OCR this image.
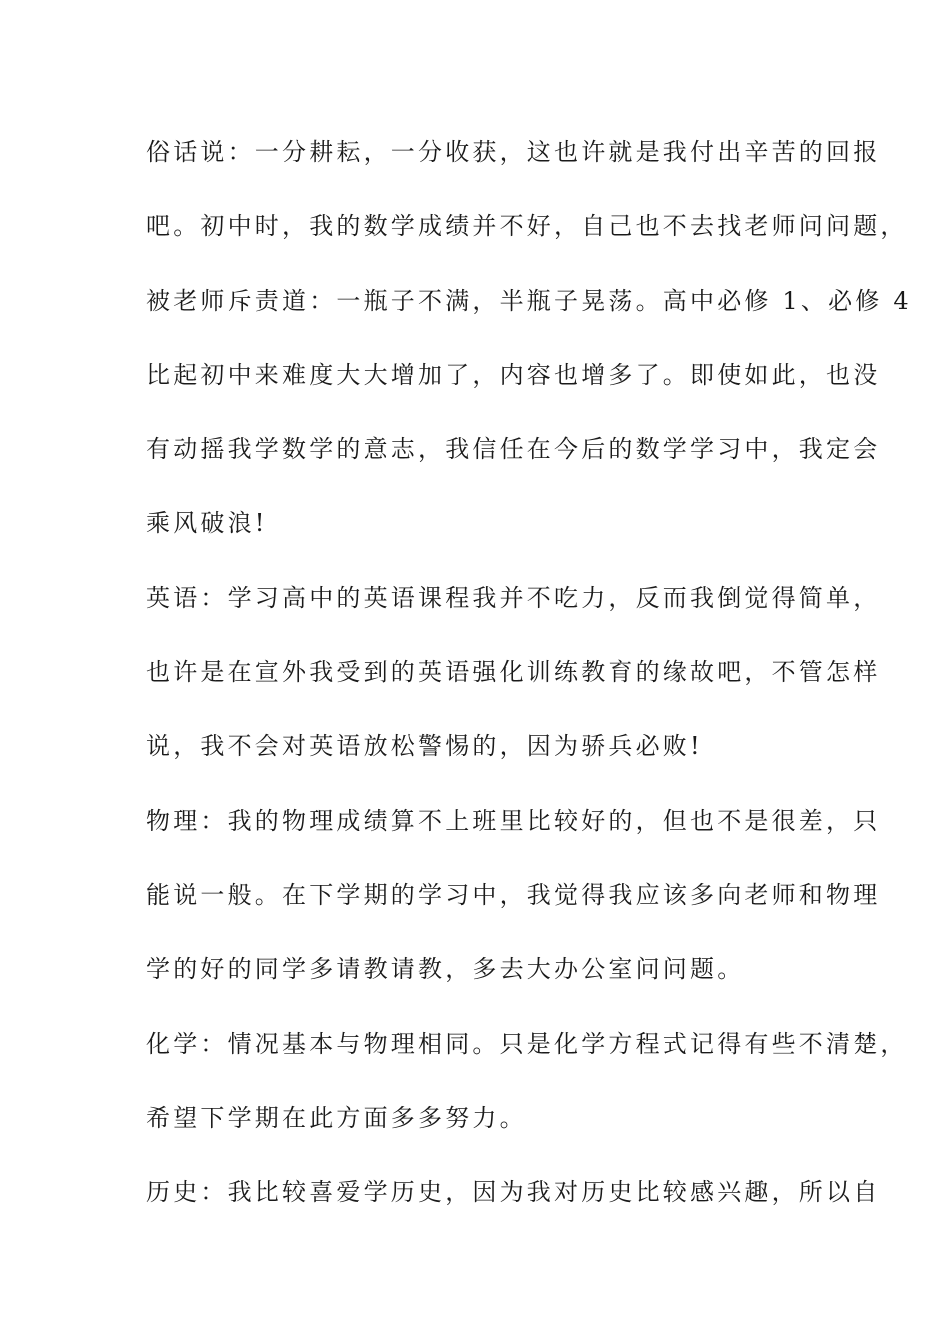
俗话说：一分耕耘，一分收获，这也许就是我付出辛苦的回报
吧。初中时，我的数学成绩并不好，自己也不去找老师问问题，
被老师斥责道：一瓶子不满，半瓶子晃荡。高中必修 1、必修 4
比起初中来难度大大增加了，内容也增多了。即使如此，也没
有动摇我学数学的意志，我信任在今后的数学学习中，我定会
乘风破浪!
英语：学习高中的英语课程我并不吃力，反而我倒觉得简单，
也许是在宣外我受到的英语强化训练教育的缘故吧，不管怎样
说，我不会对英语放松警惕的，因为骄兵必败!
物理：我的物理成绩算不上班里比较好的，但也不是很差，只
能说一般。在下学期的学习中，我觉得我应该多向老师和物理
学的好的同学多请教请教，多去大办公室问问题。
化学：情况基本与物理相同。只是化学方程式记得有些不清楚，
希望下学期在此方面多多努力。
历史：我比较喜爱学历史，因为我对历史比较感兴趣，所以自
